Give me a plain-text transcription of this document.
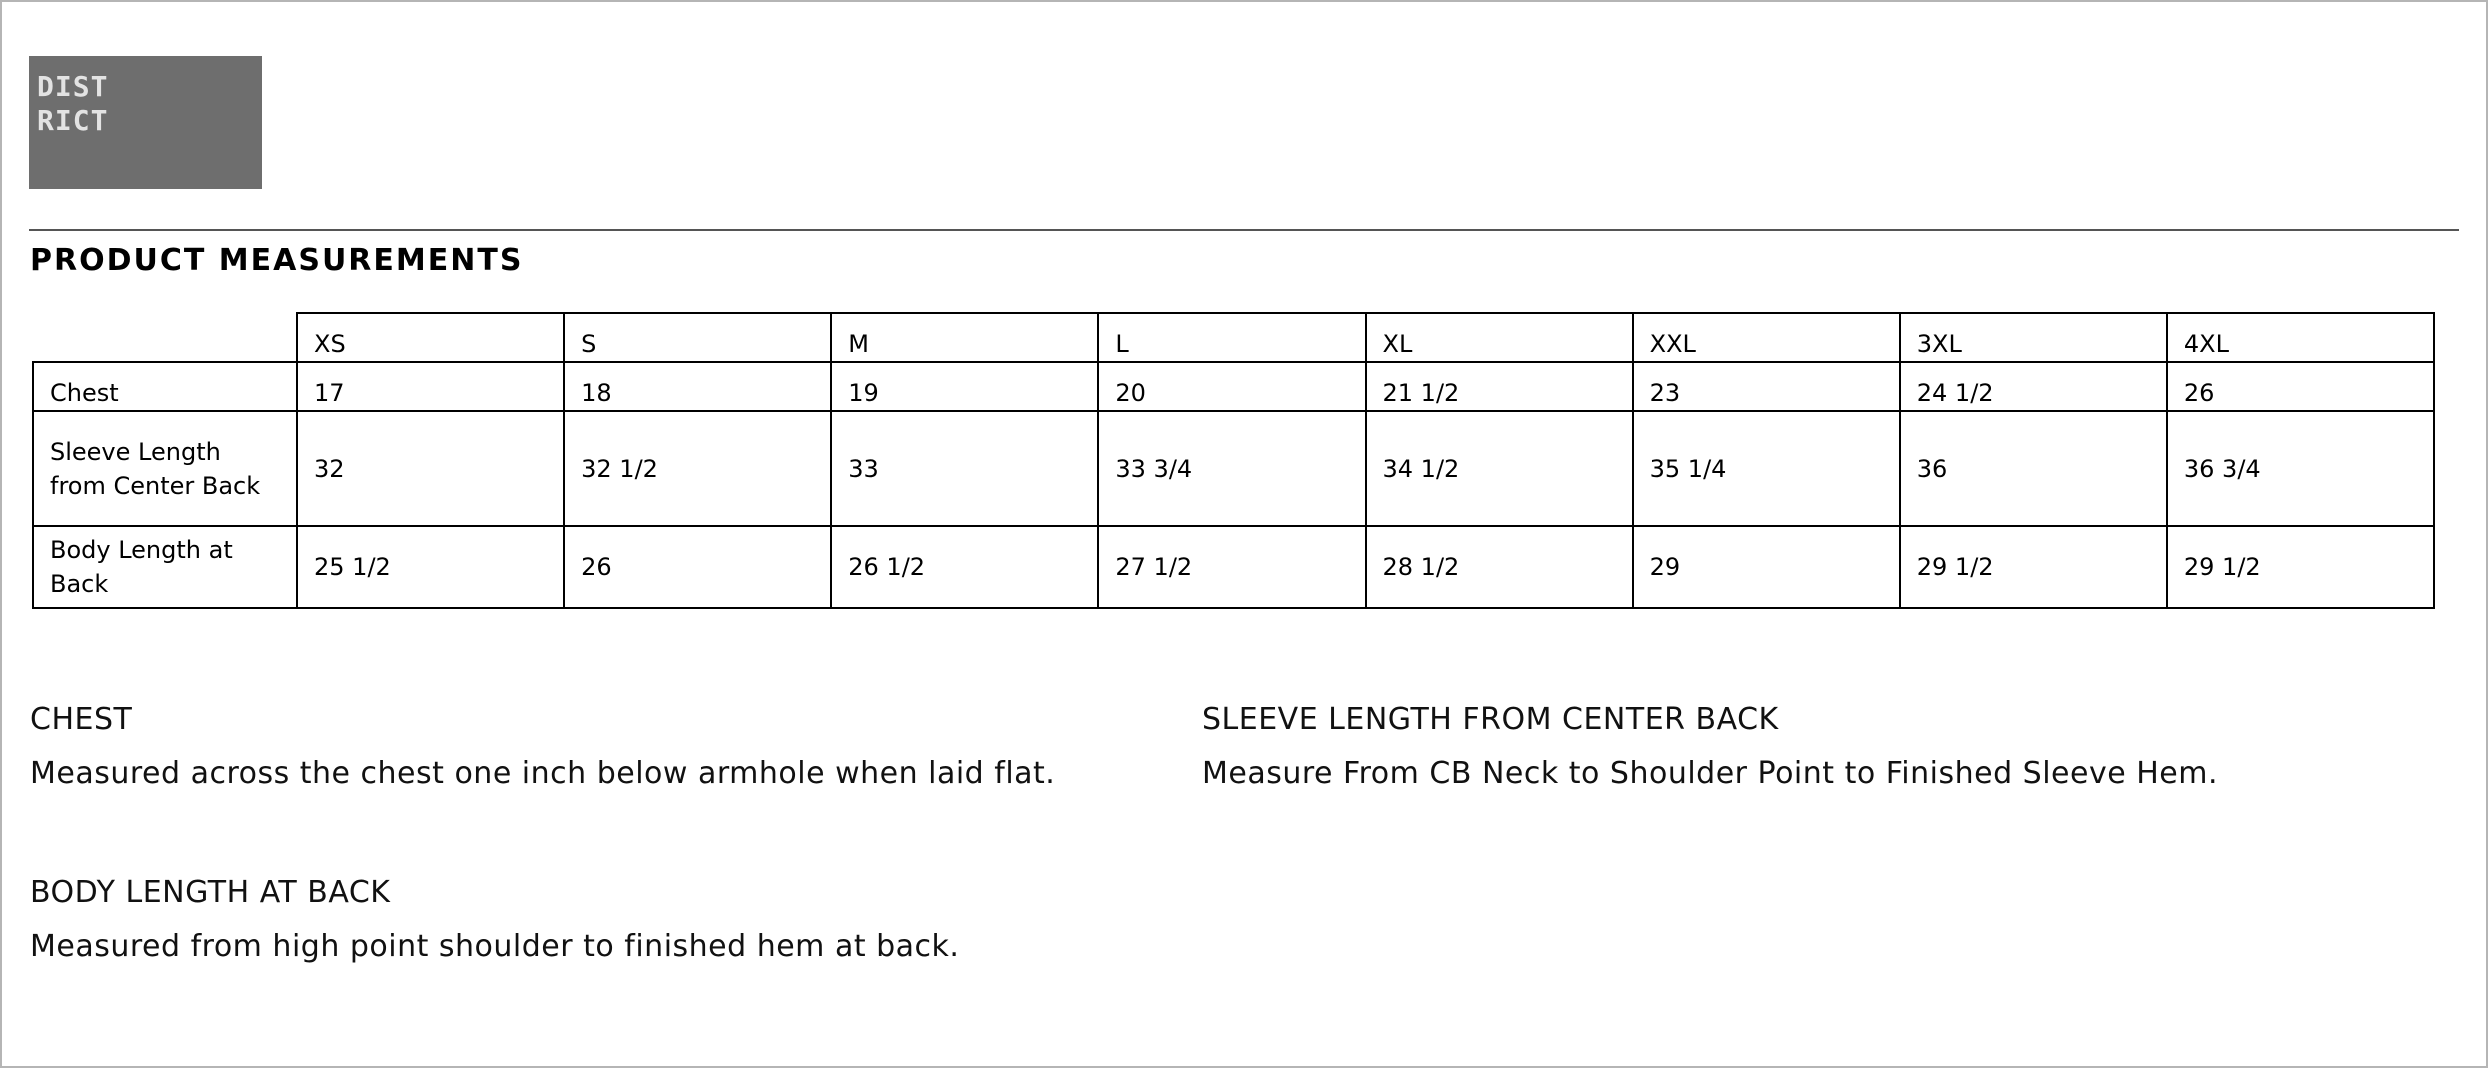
DIST
RICT
PRODUCT MEASUREMENTS
	XS	S	M	L	XL	XXL	3XL	4XL
Chest	17	18	19	20	21 1/2	23	24 1/2	26
Sleeve Length from Center Back	32	32 1/2	33	33 3/4	34 1/2	35 1/4	36	36 3/4
Body Length at Back	25 1/2	26	26 1/2	27 1/2	28 1/2	29	29 1/2	29 1/2
CHEST
Measured across the chest one inch below armhole when laid flat.
SLEEVE LENGTH FROM CENTER BACK
Measure From CB Neck to Shoulder Point to Finished Sleeve Hem.
BODY LENGTH AT BACK
Measured from high point shoulder to finished hem at back.
